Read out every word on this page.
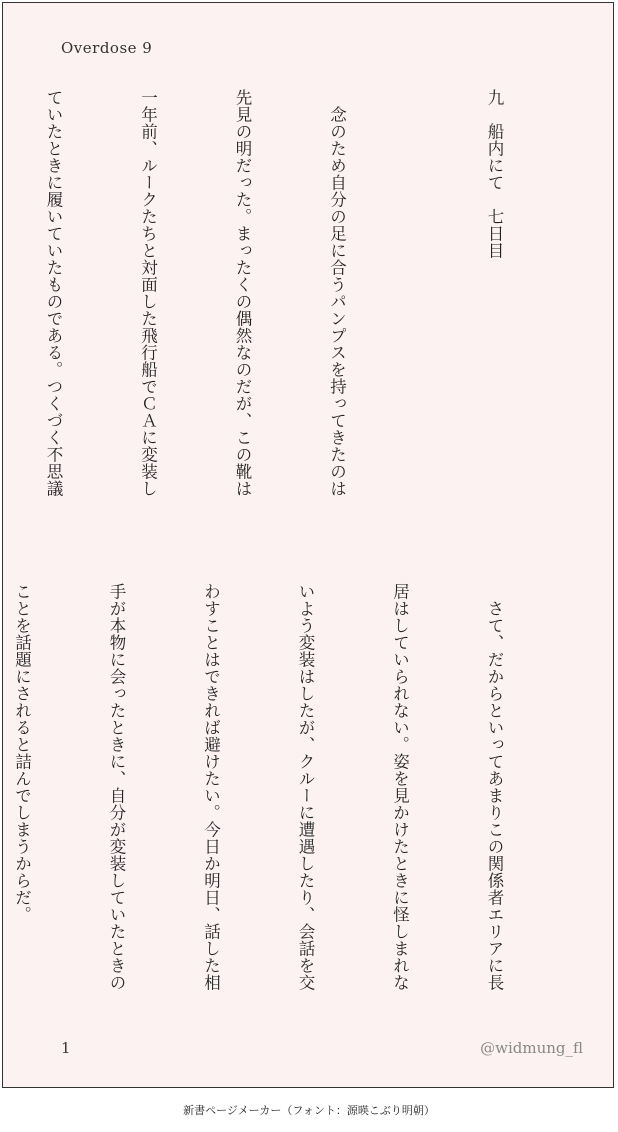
Overdose 9

九　船内にて　七日目

　念のため自分の足に合うパンプスを持ってきたのは

先見の明だった。まったくの偶然なのだが、この靴は

一年前、ルークたちと対面した飛行船でＣＡに変装し

ていたときに履いていたものである。つくづく不思議

　さて、だからといってあまりこの関係者エリアに長

居はしていられない。姿を見かけたときに怪しまれな

いよう変装はしたが、クルーに遭遇したり、会話を交

わすことはできれば避けたい。今日か明日、話した相

手が本物に会ったときに、自分が変装していたときの

ことを話題にされると詰んでしまうからだ。

1	@widmung_fl
新書ページメーカー（フォント：源暎こぶり明朝）
